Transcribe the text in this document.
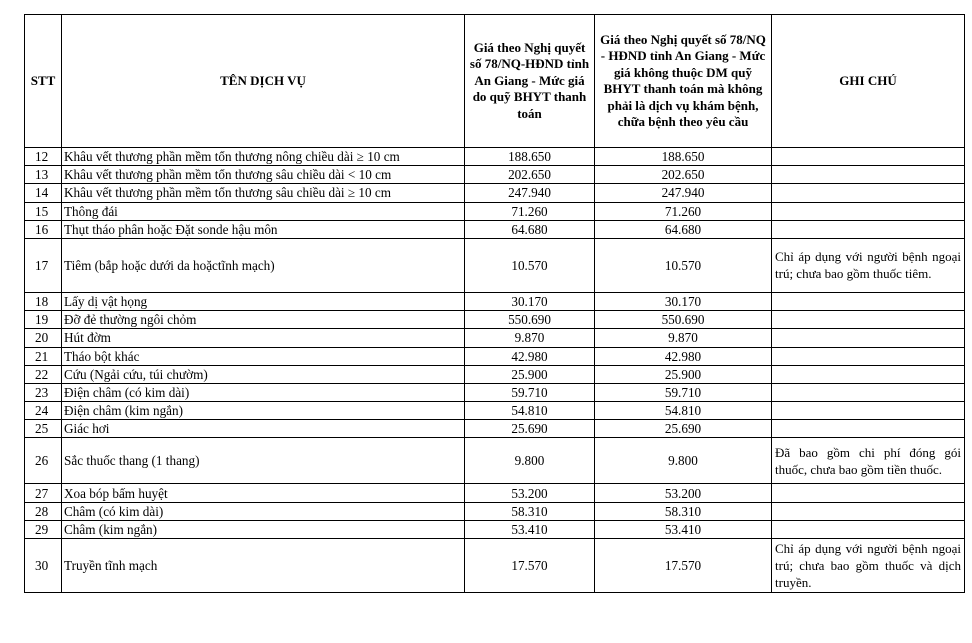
STT	TÊN DỊCH VỤ	Giá theo Nghị quyết số 78/NQ-HĐND tỉnh An Giang - Mức giá do quỹ BHYT thanh toán	Giá theo Nghị quyết số 78/NQ - HĐND tỉnh An Giang - Mức giá không thuộc DM quỹ BHYT thanh toán mà không phải là dịch vụ khám bệnh, chữa bệnh theo yêu cầu	GHI CHÚ
12	Khâu vết thương phần mềm tổn thương nông chiều dài ≥ 10 cm	188.650	188.650	
13	Khâu vết thương phần mềm tổn thương sâu chiều dài < 10 cm	202.650	202.650	
14	Khâu vết thương phần mềm tổn thương sâu chiều dài ≥ 10 cm	247.940	247.940	
15	Thông đái	71.260	71.260	
16	Thụt tháo phân hoặc Đặt sonde hậu môn	64.680	64.680	
17	Tiêm (bắp hoặc dưới da hoặctĩnh mạch)	10.570	10.570	Chỉ áp dụng với người bệnh ngoại trú; chưa bao gồm thuốc tiêm.
18	Lấy dị vật họng	30.170	30.170	
19	Đỡ đẻ thường ngôi chỏm	550.690	550.690	
20	Hút đờm	9.870	9.870	
21	Tháo bột khác	42.980	42.980	
22	Cứu (Ngải cứu, túi chườm)	25.900	25.900	
23	Điện châm (có kim dài)	59.710	59.710	
24	Điện châm (kim ngắn)	54.810	54.810	
25	Giác hơi	25.690	25.690	
26	Sắc thuốc thang (1 thang)	9.800	9.800	Đã bao gồm chi phí đóng gói thuốc, chưa bao gồm tiền thuốc.
27	Xoa bóp bấm huyệt	53.200	53.200	
28	Châm (có kim dài)	58.310	58.310	
29	Châm (kim ngắn)	53.410	53.410	
30	Truyền tĩnh mạch	17.570	17.570	Chỉ áp dụng với người bệnh ngoại trú; chưa bao gồm thuốc và dịch truyền.
